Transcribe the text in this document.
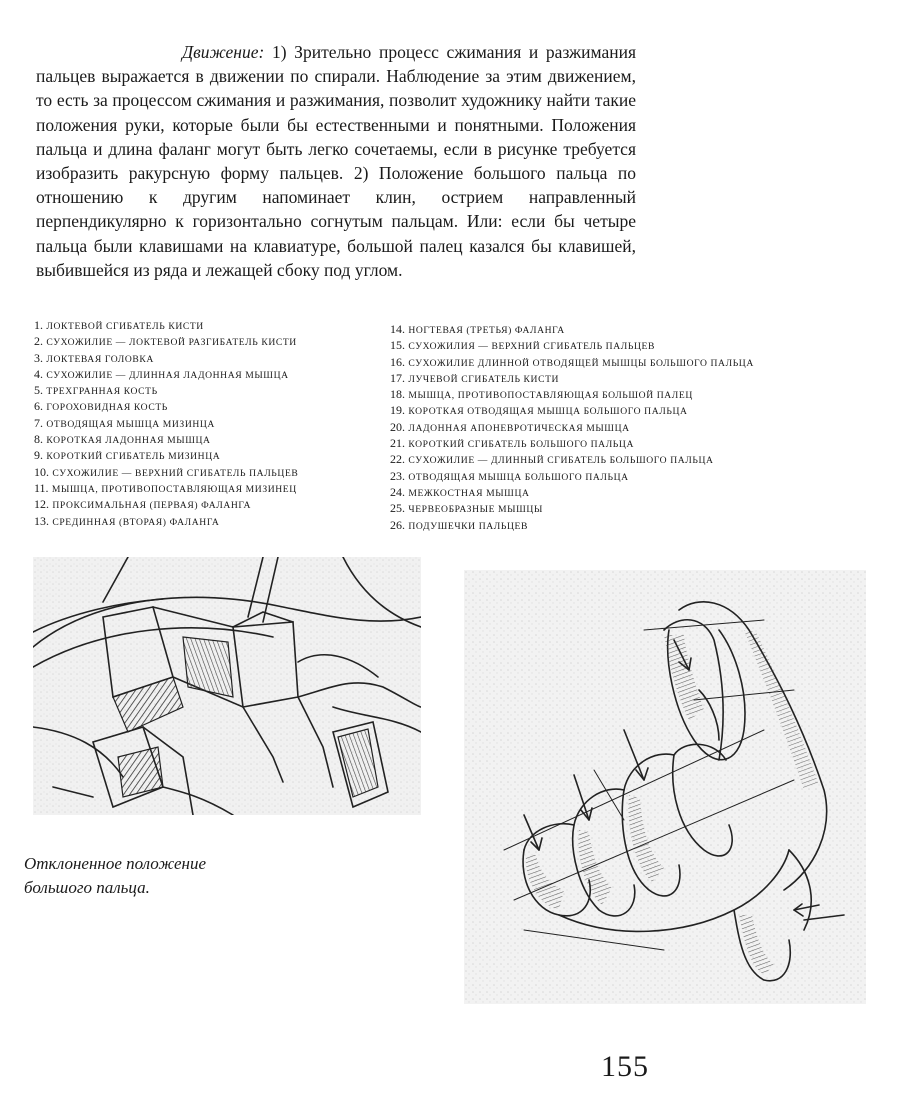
Движение: 1) Зрительно процесс сжимания и разжимания пальцев выражается в движении по спирали. Наблюдение за этим движением, то есть за процессом сжимания и разжимания, позволит художнику найти такие положения руки, которые были бы естественными и понятными. Положения пальца и длина фаланг могут быть легко сочетаемы, если в рисунке требуется изобразить ракурсную форму пальцев. 2) Положение большого пальца по отношению к другим напоминает клин, острием направленный перпендикулярно к горизонтально согнутым пальцам. Или: если бы четыре пальца были клавишами на клавиатуре, большой палец казался бы клавишей, выбившейся из ряда и лежащей сбоку под углом.

1. ЛОКТЕВОЙ СГИБАТЕЛЬ КИСТИ
2. СУХОЖИЛИЕ — ЛОКТЕВОЙ РАЗГИБАТЕЛЬ КИСТИ
3. ЛОКТЕВАЯ ГОЛОВКА
4. СУХОЖИЛИЕ — ДЛИННАЯ ЛАДОННАЯ МЫШЦА
5. ТРЕХГРАННАЯ КОСТЬ
6. ГОРОХОВИДНАЯ КОСТЬ
7. ОТВОДЯЩАЯ МЫШЦА МИЗИНЦА
8. КОРОТКАЯ ЛАДОННАЯ МЫШЦА
9. КОРОТКИЙ СГИБАТЕЛЬ МИЗИНЦА
10. СУХОЖИЛИЕ — ВЕРХНИЙ СГИБАТЕЛЬ ПАЛЬЦЕВ
11. МЫШЦА, ПРОТИВОПОСТАВЛЯЮЩАЯ МИЗИНЕЦ
12. ПРОКСИМАЛЬНАЯ (ПЕРВАЯ) ФАЛАНГА
13. СРЕДИННАЯ (ВТОРАЯ) ФАЛАНГА
14. НОГТЕВАЯ (ТРЕТЬЯ) ФАЛАНГА
15. СУХОЖИЛИЯ — ВЕРХНИЙ СГИБАТЕЛЬ ПАЛЬЦЕВ
16. СУХОЖИЛИЕ ДЛИННОЙ ОТВОДЯЩЕЙ МЫШЦЫ БОЛЬШОГО ПАЛЬЦА
17. ЛУЧЕВОЙ СГИБАТЕЛЬ КИСТИ
18. МЫШЦА, ПРОТИВОПОСТАВЛЯЮЩАЯ БОЛЬШОЙ ПАЛЕЦ
19. КОРОТКАЯ ОТВОДЯЩАЯ МЫШЦА БОЛЬШОГО ПАЛЬЦА
20. ЛАДОННАЯ АПОНЕВРОТИЧЕСКАЯ МЫШЦА
21. КОРОТКИЙ СГИБАТЕЛЬ БОЛЬШОГО ПАЛЬЦА
22. СУХОЖИЛИЕ — ДЛИННЫЙ СГИБАТЕЛЬ БОЛЬШОГО ПАЛЬЦА
23. ОТВОДЯЩАЯ МЫШЦА БОЛЬШОГО ПАЛЬЦА
24. МЕЖКОСТНАЯ МЫШЦА
25. ЧЕРВЕОБРАЗНЫЕ МЫШЦЫ
26. ПОДУШЕЧКИ ПАЛЬЦЕВ

Отклоненное положение большого пальца.

155
